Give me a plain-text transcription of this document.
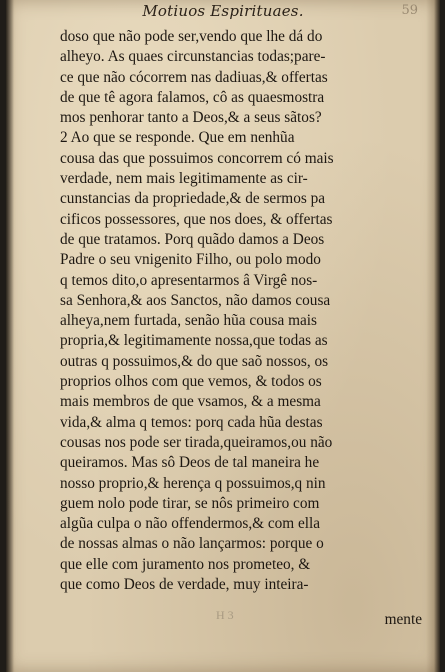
Motiuos Espirituaes.	59
doso que não pode ser,vendo que lhe dá do
alheyo. As quaes circunstancias todas;pare-
ce que não cócorrem nas dadiuas,& offertas
de que tê agora falamos, cô as quaesmostra
mos penhorar tanto a Deos,& a seus sãtos?
2 Ao que se responde. Que em nenhũa
cousa das que possuimos concorrem có mais
verdade, nem mais legitimamente as cir-
cunstancias da propriedade,& de sermos pa
cificos possessores, que nos does, & offertas
de que tratamos. Porq quãdo damos a Deos
Padre o seu vnigenito Filho, ou polo modo
q temos dito,o apresentarmos â Virgê nos-
sa Senhora,& aos Sanctos, não damos cousa
alheya,nem furtada, senão hũa cousa mais
propria,& legitimamente nossa,que todas as
outras q possuimos,& do que saõ nossos, os
proprios olhos com que vemos, & todos os
mais membros de que vsamos, & a mesma
vida,& alma q temos: porq cada hũa destas
cousas nos pode ser tirada,queiramos,ou não
queiramos. Mas sô Deos de tal maneira he
nosso proprio,& herença q possuimos,q nin
guem nolo pode tirar, se nôs primeiro com
algũa culpa o não offendermos,& com ella
de nossas almas o não lançarmos: porque o
que elle com juramento nos prometeo, &
que como Deos de verdade, muy inteira-
H 3	mente
